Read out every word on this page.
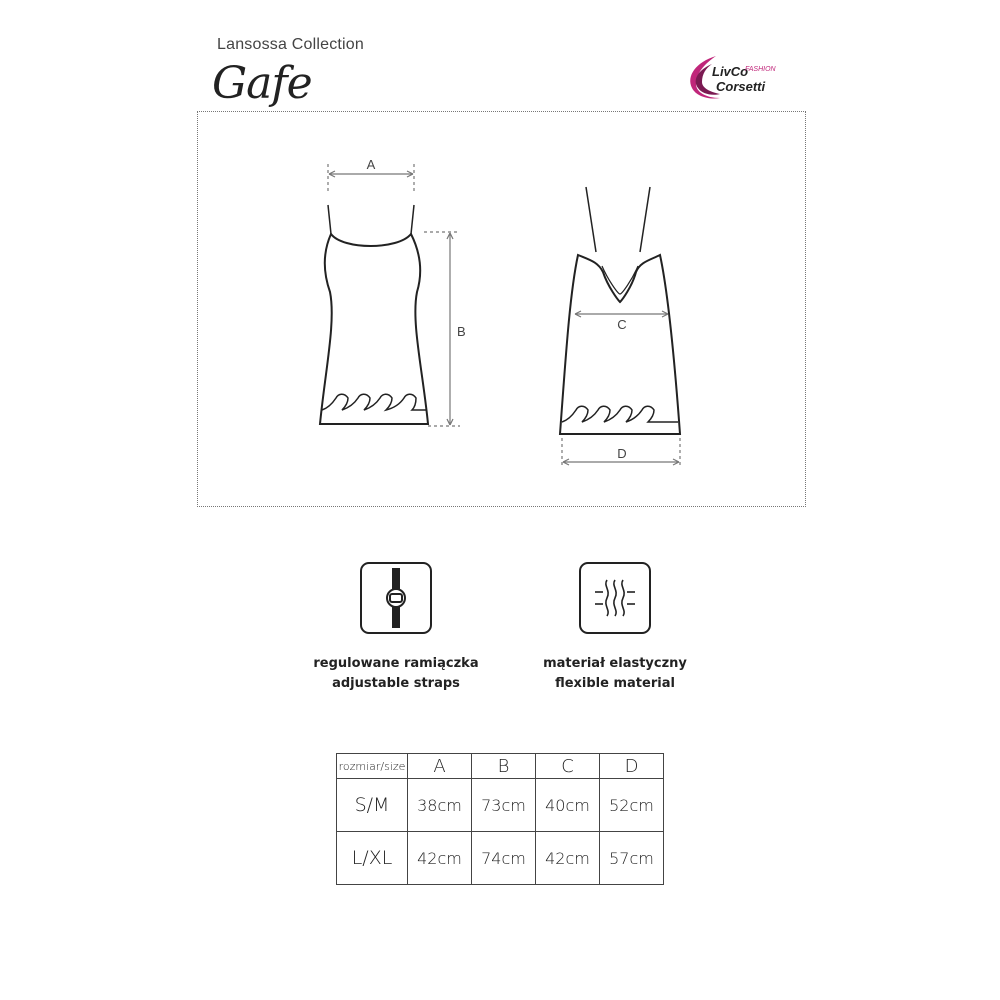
Lansossa Collection
Gafe	LivCo
FASHION
Corsetti
A
B	C
D
regulowane ramiączka
adjustable straps
materiał elastyczny
flexible material
rozmiar/size	A	B	C	D
S/M	38cm	73cm	40cm	52cm
L/XL	42cm	74cm	42cm	57cm
